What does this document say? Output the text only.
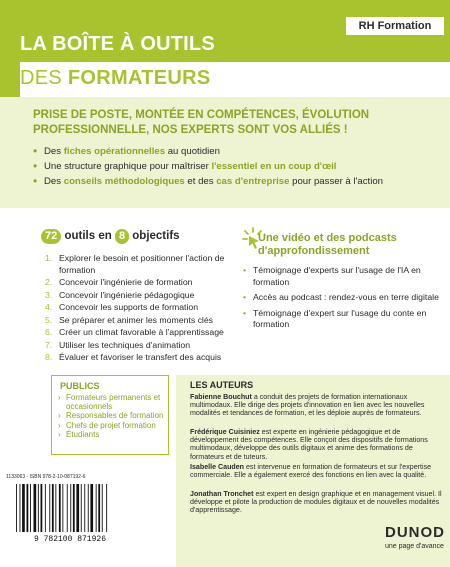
RH Formation
LA BOÎTE À OUTILS
DES FORMATEURS
PRISE DE POSTE, MONTÉE EN COMPÉTENCES, ÉVOLUTION PROFESSIONNELLE, NOS EXPERTS SONT VOS ALLIÉS !
• Des fiches opérationnelles au quotidien
• Une structure graphique pour maîtriser l'essentiel en un coup d'œil
• Des conseils méthodologiques et des cas d'entreprise pour passer à l'action
72 outils en 8 objectifs
1. Explorer le besoin et positionner l'action de formation
2. Concevoir l'ingénierie de formation
3. Concevoir l'ingénierie pédagogique
4. Concevoir les supports de formation
5. Se préparer et animer les moments clés
6. Créer un climat favorable à l'apprentissage
7. Utiliser les techniques d'animation
8. Évaluer et favoriser le transfert des acquis
Une vidéo et des podcasts d'approfondissement
• Témoignage d'experts sur l'usage de l'IA en formation
• Accès au podcast : rendez-vous en terre digitale
• Témoignage d'expert sur l'usage du conte en formation
PUBLICS
› Formateurs permanents et occasionnels
› Responsables de formation
› Chefs de projet formation
› Étudiants
LES AUTEURS
Fabienne Bouchut a conduit des projets de formation internationaux multimodaux. Elle dirige des projets d'innovation en lien avec les nouvelles modalités et tendances de formation, et les déploie auprès de formateurs.
Frédérique Cuisiniez est experte en ingénierie pédagogique et de développement des compétences. Elle conçoit des dispositifs de formations multimodaux, développe des outils digitaux et anime des formations de formateurs et de tuteurs.
Isabelle Cauden est intervenue en formation de formateurs et sur l'expertise commerciale. Elle a également exercé des fonctions en lien avec la qualité.
Jonathan Tronchet est expert en design graphique et en management visuel. Il développe et pilote la production de modules digitaux et de nouvelles modalités d'apprentissage.
1133063 · ISBN 978-2-10-087192-6
9 782100 871926	DUNOD
une page d'avance
